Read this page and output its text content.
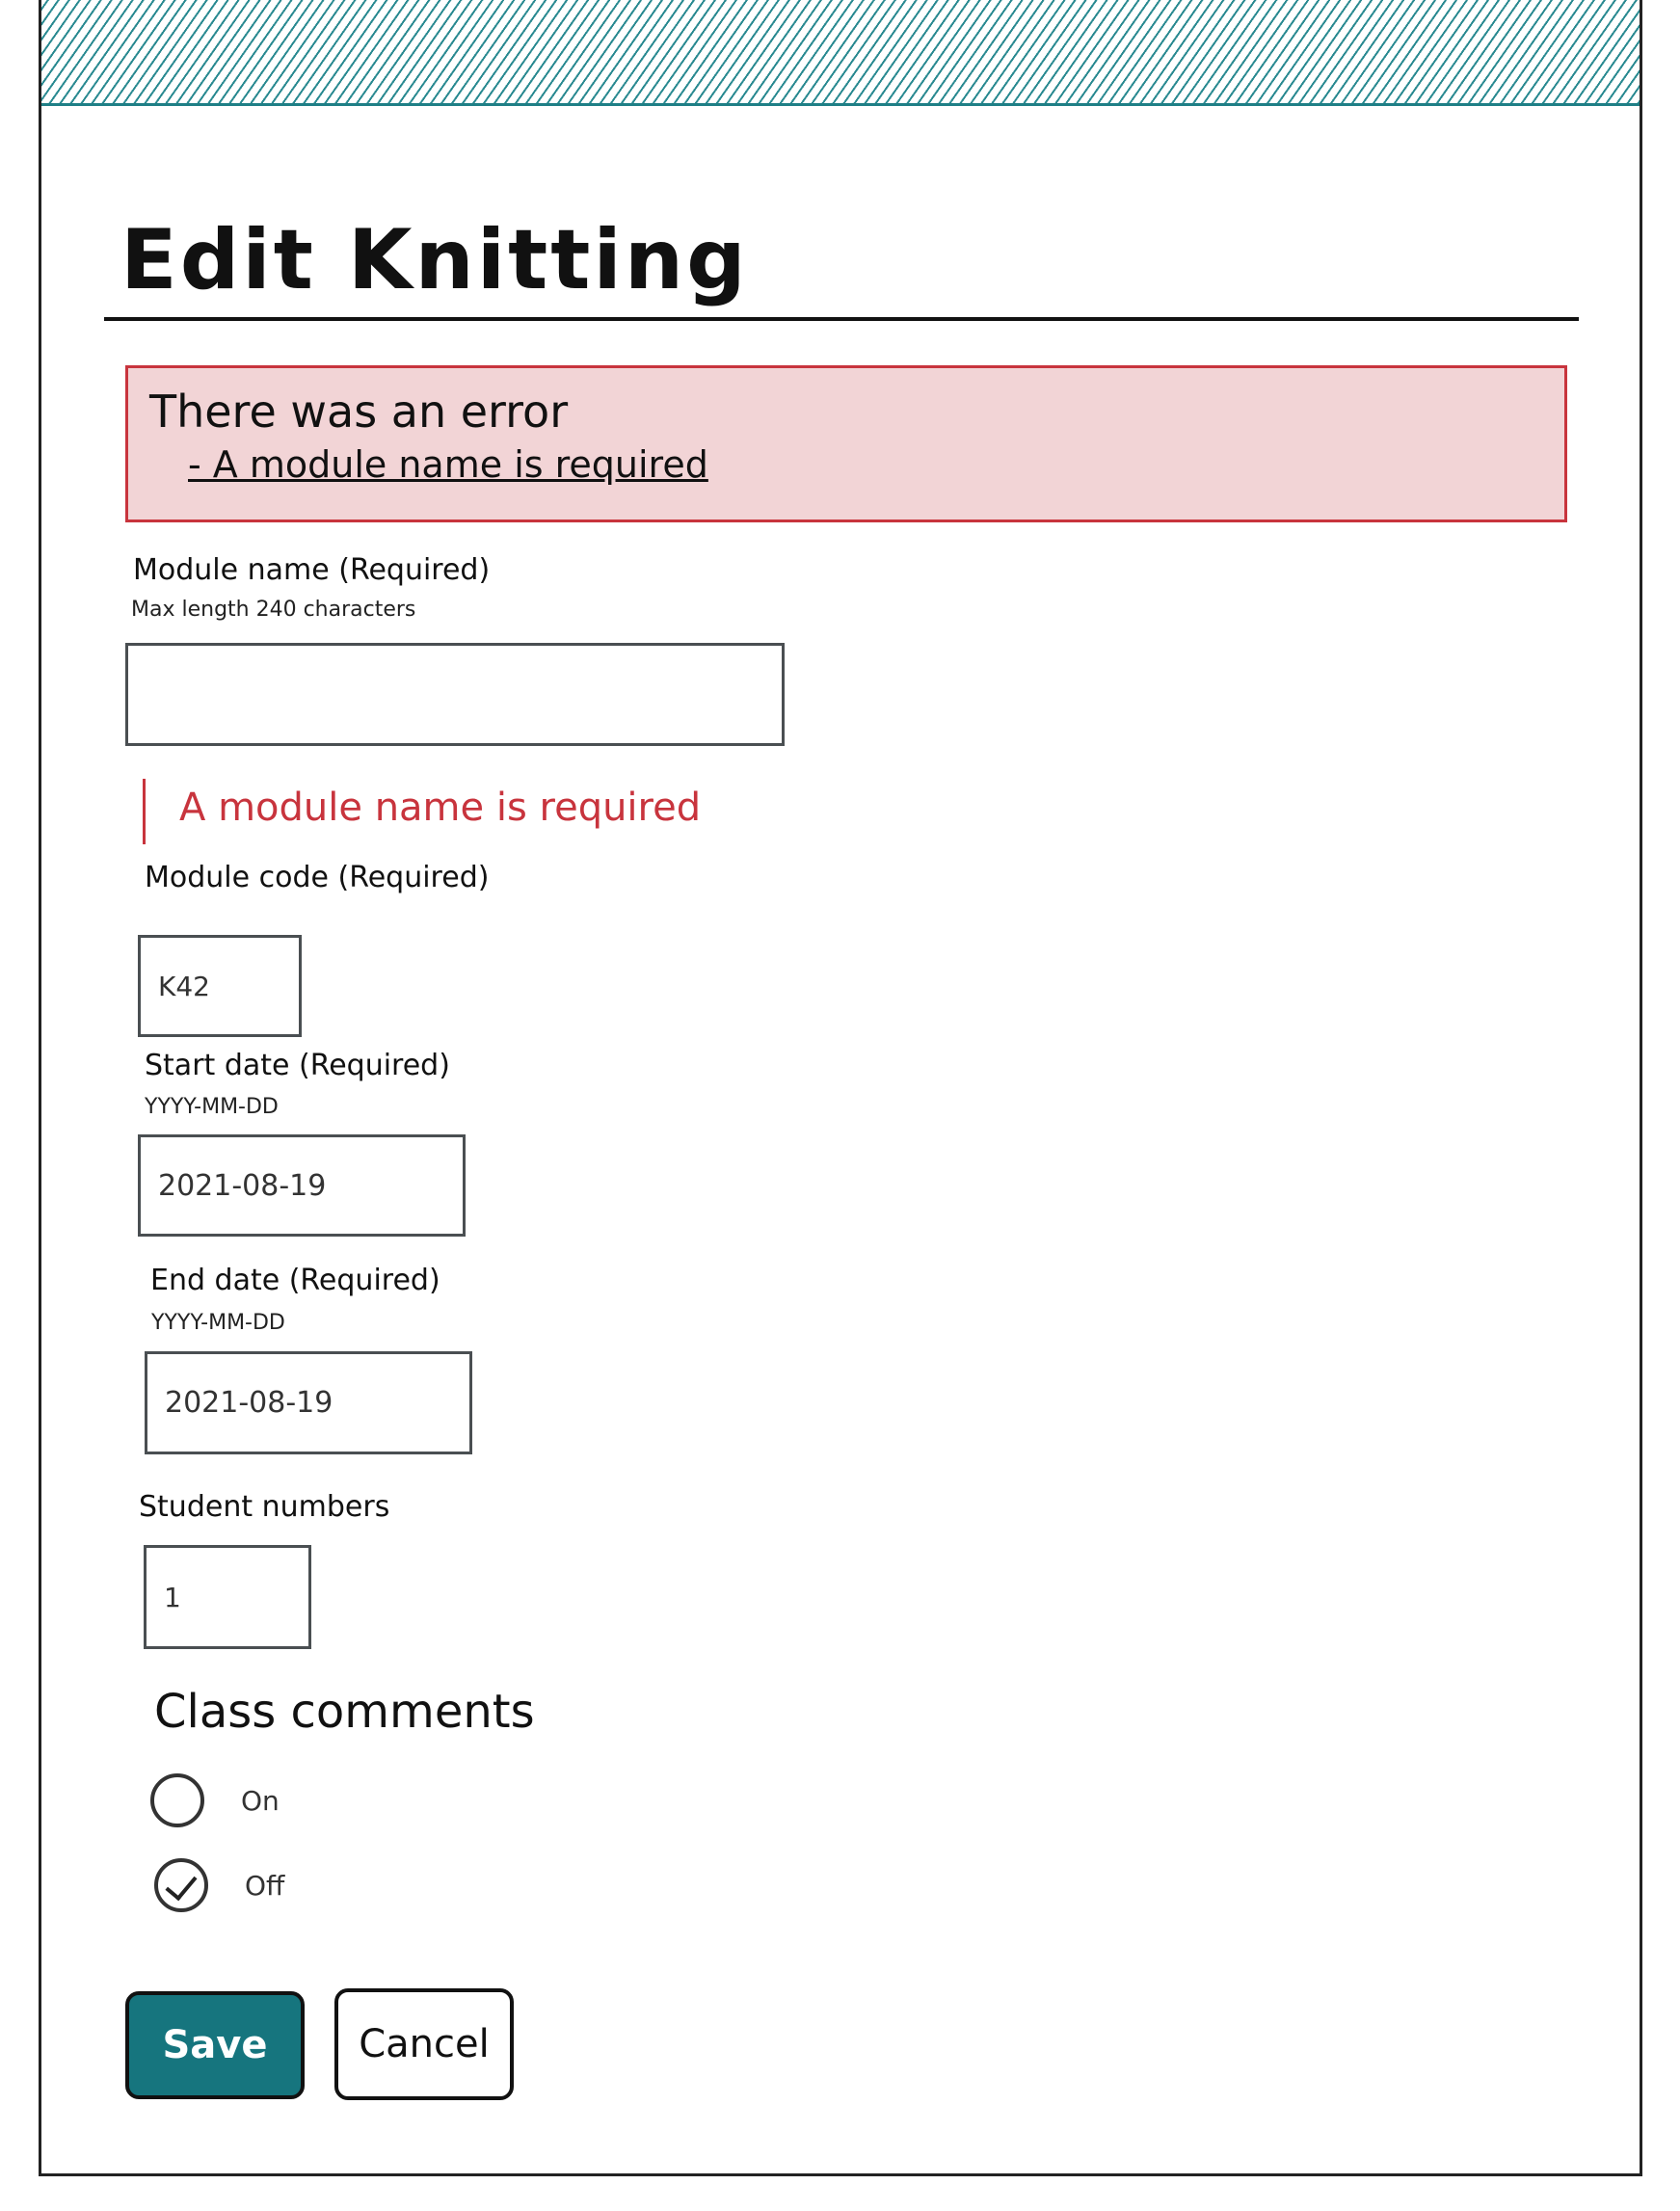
Edit Knitting
There was an error
- A module name is required
Module name (Required)
Max length 240 characters
A module name is required
Module code (Required)
K42
Start date (Required)
YYYY-MM-DD
2021-08-19
End date (Required)
YYYY-MM-DD
2021-08-19
Student numbers
1
Class comments
On
Off
Save	Cancel
